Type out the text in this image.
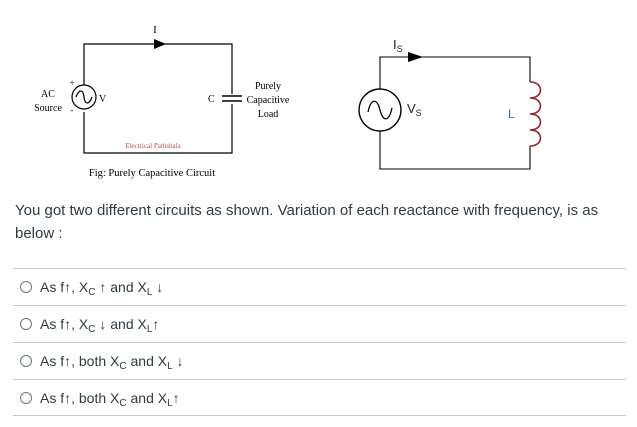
I
AC
Source
+
-
V	C
Purely
Capacitive
Load
Electrical Pathshala
Fig: Purely Capacitive Circuit
$I_S$
$V_S$	L
You got two different circuits as shown. Variation of each reactance with frequency, is as below :
As f↑, $X_C$ ↑ and $X_L$ ↓
As f↑, $X_C$ ↓ and $X_L↑$
As f↑, both $X_C$ and $X_L$ ↓
As f↑, both $X_C$ and $X_L↑$
